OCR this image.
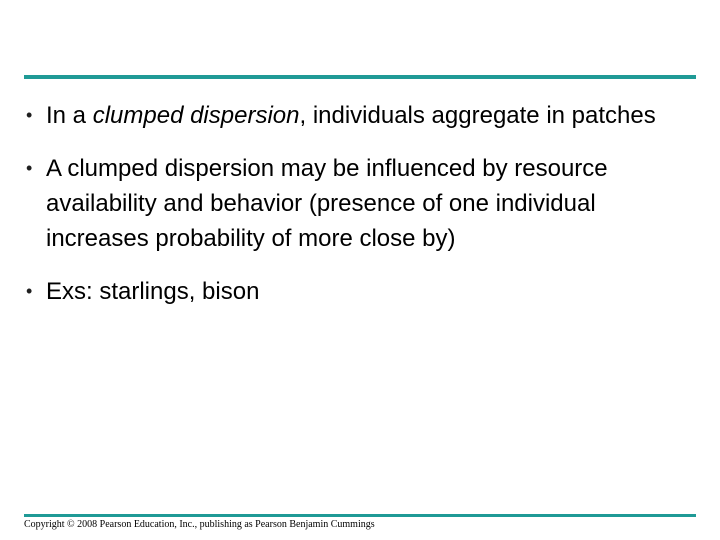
• In a clumped dispersion, individuals aggregate in patches
• A clumped dispersion may be influenced by resource availability and behavior (presence of one individual increases probability of more close by)
• Exs: starlings, bison
Copyright © 2008 Pearson Education, Inc., publishing as Pearson Benjamin Cummings
